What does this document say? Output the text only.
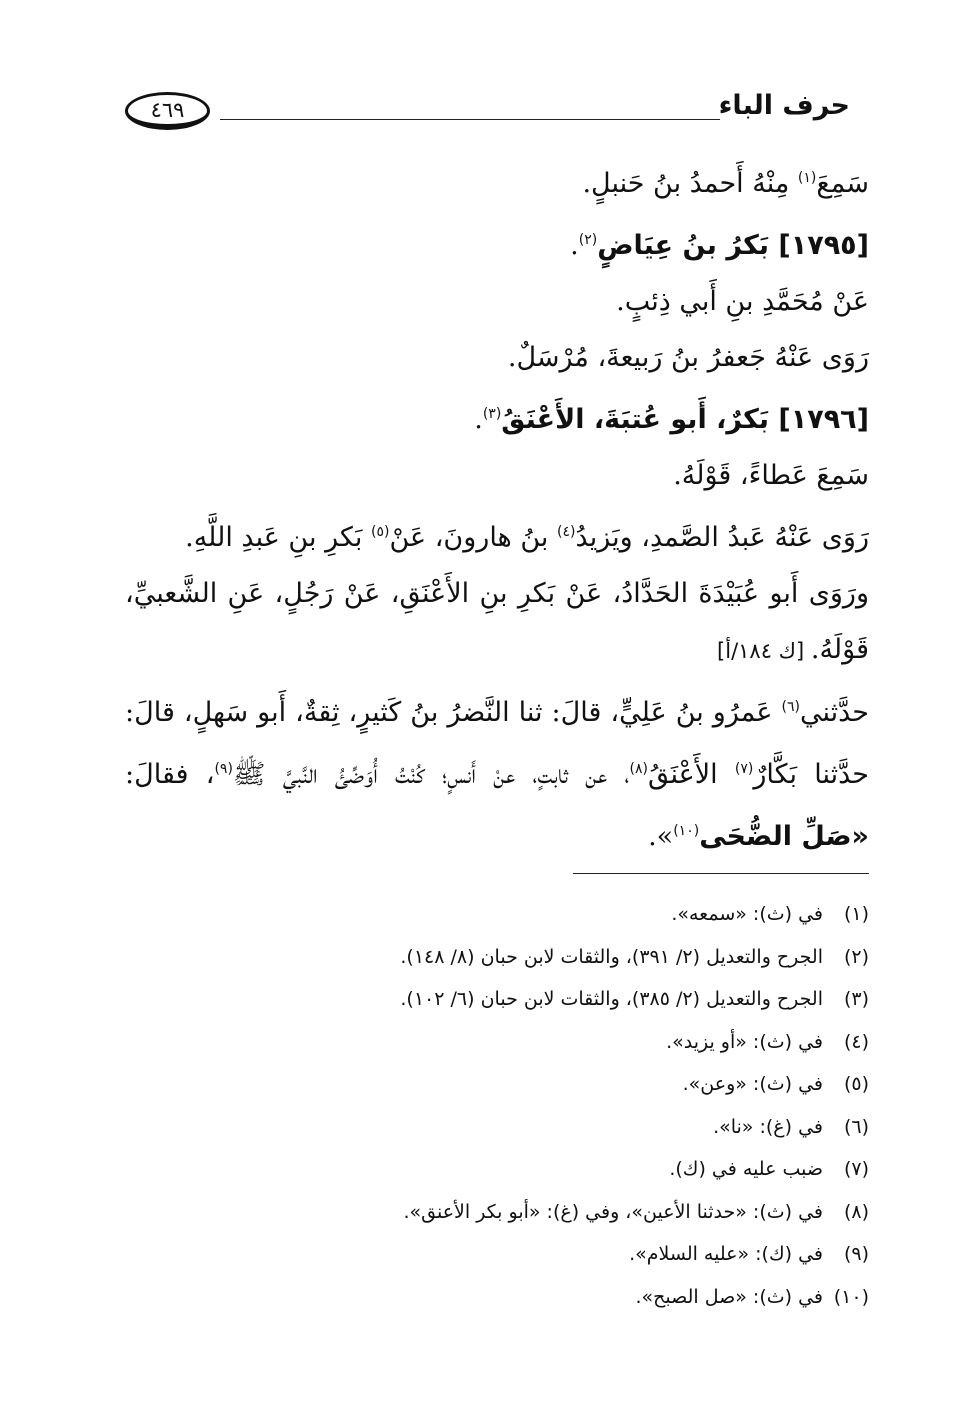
٤٦٩	حرف الباء
سَمِعَ$^{(١)}$ مِنْهُ أَحمدُ بنُ حَنبلٍ.
[١٧٩٥] بَكرُ بنُ عِيَاضٍ$^{(٢)}$.
عَنْ مُحَمَّدِ بنِ أَبي ذِئبٍ.
رَوَى عَنْهُ جَعفرُ بنُ رَبيعةَ، مُرْسَلٌ.
[١٧٩٦] بَكرٌ، أَبو عُتبَةَ، الأَعْنَقُ$^{(٣)}$.
سَمِعَ عَطاءً، قَوْلَهُ.
رَوَى عَنْهُ عَبدُ الصَّمدِ، ويَزيدُ$^{(٤)}$ بنُ هارونَ، عَنْ$^{(٥)}$ بَكرِ بنِ عَبدِ اللَّهِ.
ورَوَى أَبو عُبَيْدَةَ الحَدَّادُ، عَنْ بَكرِ بنِ الأَعْنَقِ، عَنْ رَجُلٍ، عَنِ الشَّعبيِّ،
قَوْلَهُ. [ك ١٨٤/أ]
حدَّثني$^{(٦)}$ عَمرُو بنُ عَلِيٍّ، قالَ: ثنا النَّضرُ بنُ كَثيرٍ، ثِقةٌ، أَبو سَهلٍ، قالَ:
حدَّثنا بَكَّارٌ$^{(٧)}$ الأَعْنَقُ$^{(٨)}$، عن ثابتٍ، عنْ أَنسٍ؛ كُنْتُ أُوَضِّئُ النَّبيَّ ﷺ$^{(٩)}$، فقالَ:
«صَلِّ الضُّحَى$^{(١٠)}$».
(١)في (ث): «سمعه».
(٢)الجرح والتعديل (٢/ ٣٩١)، والثقات لابن حبان (٨/ ١٤٨).
(٣)الجرح والتعديل (٢/ ٣٨٥)، والثقات لابن حبان (٦/ ١٠٢).
(٤)في (ث): «أو يزيد».
(٥)في (ث): «وعن».
(٦)في (غ): «نا».
(٧)ضبب عليه في (ك).
(٨)في (ث): «حدثنا الأعين»، وفي (غ): «أبو بكر الأعنق».
(٩)في (ك): «عليه السلام».
(١٠)في (ث): «صل الصبح».
